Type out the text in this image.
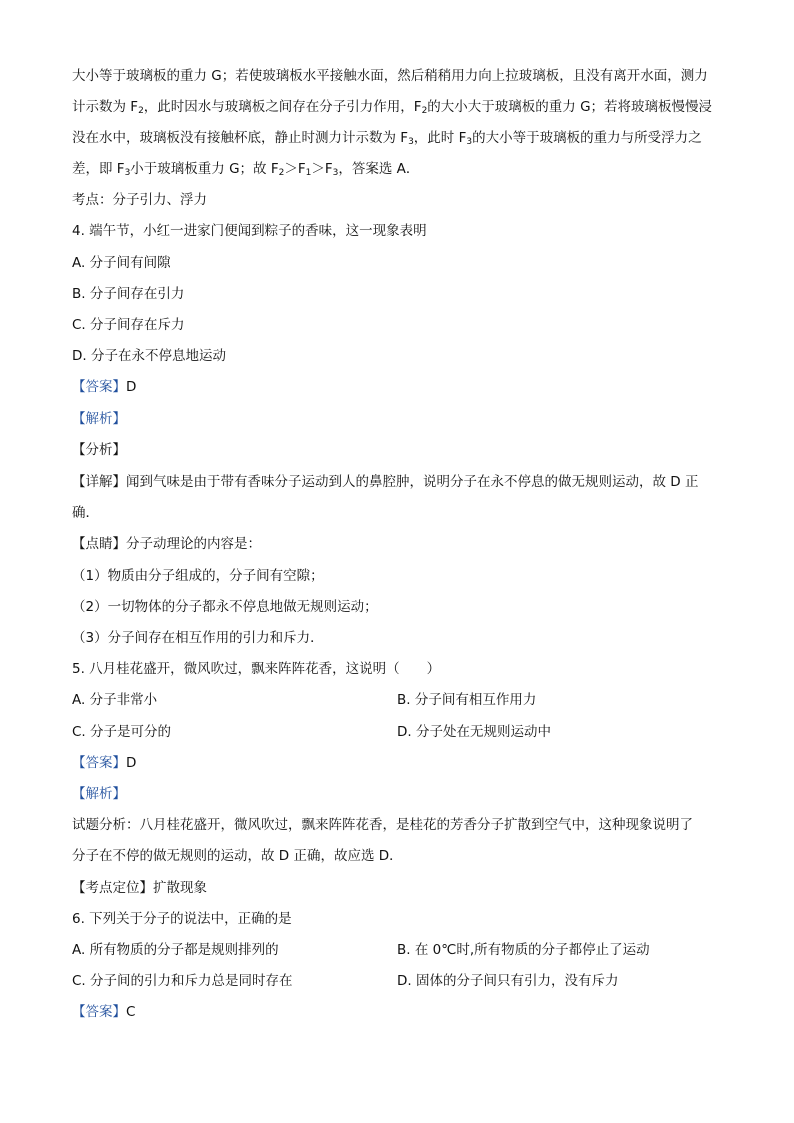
大小等于玻璃板的重力 G；若使玻璃板水平接触水面，然后稍稍用力向上拉玻璃板，且没有离开水面，测力
计示数为 $F_2$，此时因水与玻璃板之间存在分子引力作用，$F_2$的大小大于玻璃板的重力 G；若将玻璃板慢慢浸
没在水中，玻璃板没有接触杯底，静止时测力计示数为 $F_3$，此时 $F_3$的大小等于玻璃板的重力与所受浮力之
差，即 $F_3$小于玻璃板重力 G；故 $F_2>F_1>F_3$，答案选 A．
考点：分子引力、浮力
4. 端午节，小红一进家门便闻到粽子的香味，这一现象表明
A. 分子间有间隙
B. 分子间存在引力
C. 分子间存在斥力
D. 分子在永不停息地运动
【答案】D
【解析】
【分析】
【详解】闻到气味是由于带有香味分子运动到人的鼻腔肿，说明分子在永不停息的做无规则运动，故 D 正
确．
【点睛】分子动理论的内容是：
（1）物质由分子组成的，分子间有空隙；
（2）一切物体的分子都永不停息地做无规则运动；
（3）分子间存在相互作用的引力和斥力．
5. 八月桂花盛开，微风吹过，飘来阵阵花香，这说明（　　）
A. 分子非常小	B. 分子间有相互作用力
C. 分子是可分的	D. 分子处在无规则运动中
【答案】D
【解析】
试题分析：八月桂花盛开，微风吹过，飘来阵阵花香，是桂花的芳香分子扩散到空气中，这种现象说明了
分子在不停的做无规则的运动，故 D 正确，故应选 D．
【考点定位】扩散现象
6. 下列关于分子的说法中，正确的是
A. 所有物质的分子都是规则排列的	B. 在 0℃时,所有物质的分子都停止了运动
C. 分子间的引力和斥力总是同时存在	D. 固体的分子间只有引力，没有斥力
【答案】C
